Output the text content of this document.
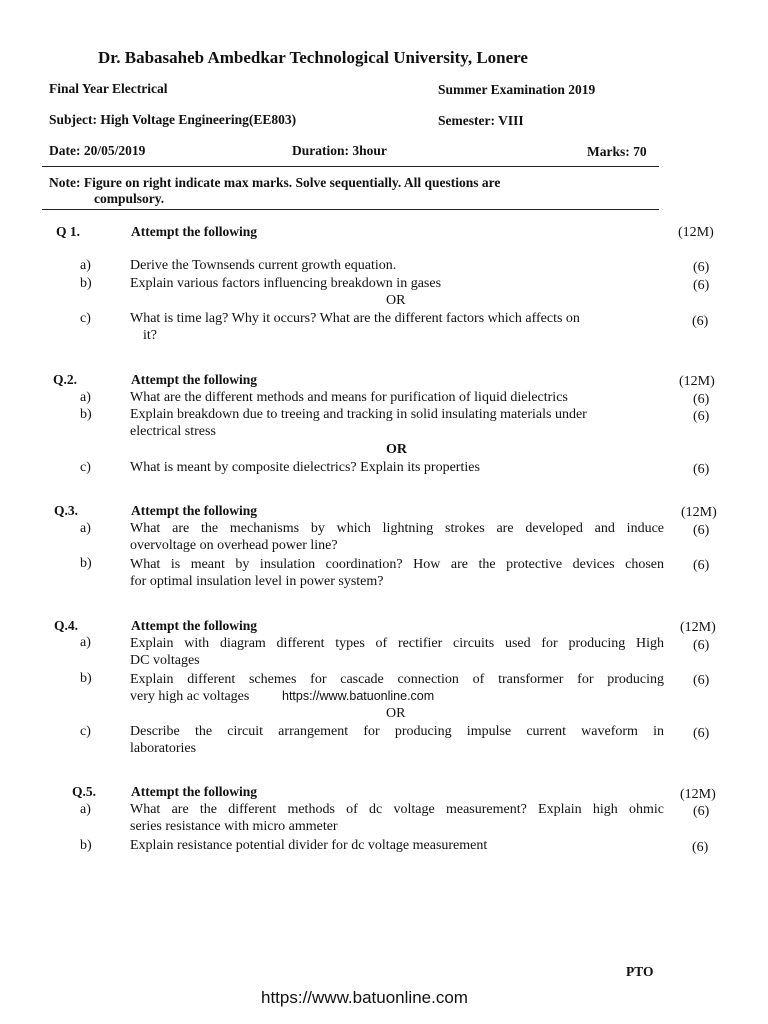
Dr. Babasaheb Ambedkar Technological University, Lonere
Final Year Electrical	Summer Examination 2019
Subject: High Voltage Engineering(EE803)	Semester: VIII
Date: 20/05/2019	Duration: 3hour	Marks: 70
Note: Figure on right indicate max marks. Solve sequentially. All questions are
compulsory.
Q 1.	Attempt the following	(12M)
a)	Derive the Townsends current growth equation.	(6)
b)	Explain various factors influencing breakdown in gases	(6)
OR
c)	What is time lag? Why it occurs? What are the different factors which affects on
it?
(6)
Q.2.	Attempt the following	(12M)
a)	What are the different methods and means for purification of liquid dielectrics	(6)
b)	Explain breakdown due to treeing and tracking in solid insulating materials under
electrical stress
(6)
OR
c)	What is meant by composite dielectrics? Explain its properties	(6)
Q.3.	Attempt the following	(12M)
a)	What are the mechanisms by which lightning strokes are developed and induce
overvoltage on overhead power line?
(6)
b)	What is meant by insulation coordination? How are the protective devices chosen
for optimal insulation level in power system?
(6)
Q.4.	Attempt the following	(12M)
a)	Explain with diagram different types of rectifier circuits used for producing High
DC voltages
(6)
b)	Explain different schemes for cascade connection of transformer for producing
very high ac voltages	https://www.batuonline.com
(6)
OR
c)	Describe the circuit arrangement for producing impulse current waveform in
laboratories
(6)
Q.5.	Attempt the following	(12M)
a)	What are the different methods of dc voltage measurement? Explain high ohmic
series resistance with micro ammeter
(6)
b)	Explain resistance potential divider for dc voltage measurement	(6)
PTO
https://www.batuonline.com
